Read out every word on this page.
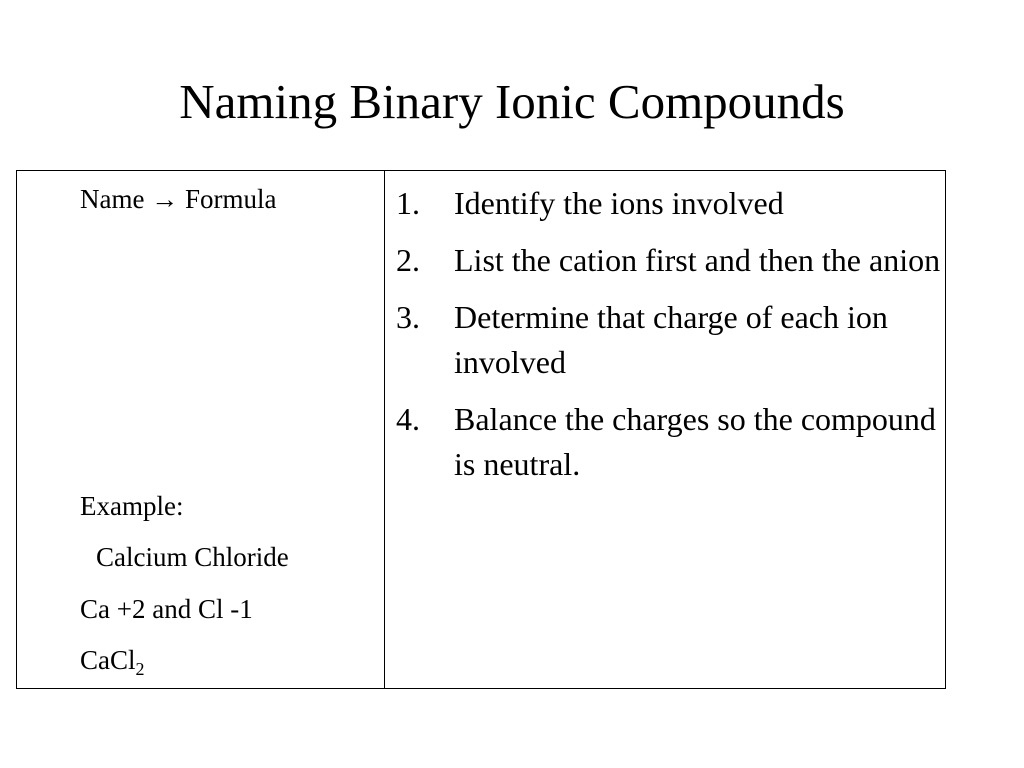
Naming Binary Ionic Compounds
Name → Formula
Example:
Calcium Chloride
Ca +2 and Cl -1
CaCl$_2$
1. Identify the ions involved
2. List the cation first and then the anion
3. Determine that charge of each ion involved
4. Balance the charges so the compound is neutral.
